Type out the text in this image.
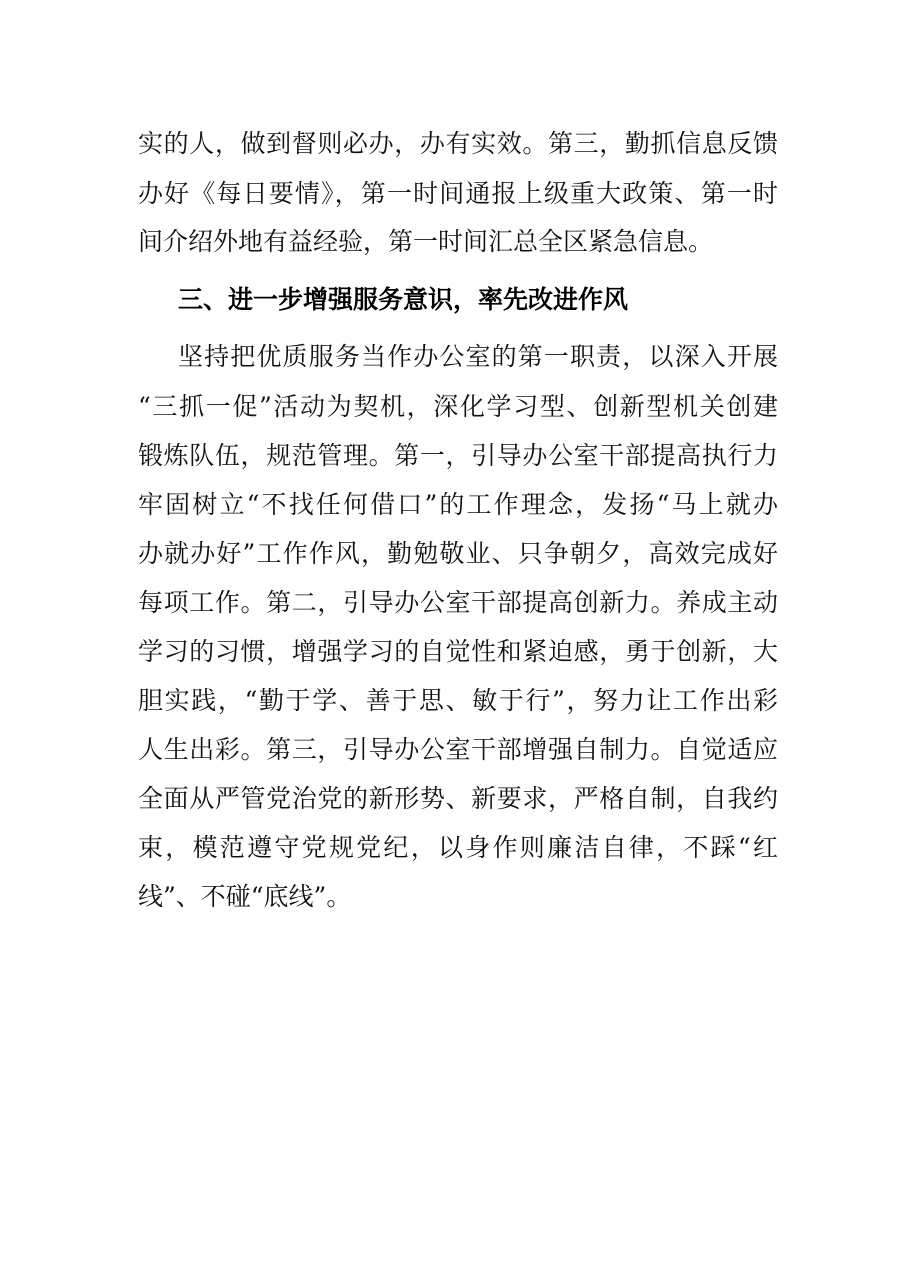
实的人，做到督则必办，办有实效。第三，勤抓信息反馈
办好《每日要情》，第一时间通报上级重大政策、第一时
间介绍外地有益经验，第一时间汇总全区紧急信息。
三、进一步增强服务意识，率先改进作风
坚持把优质服务当作办公室的第一职责，以深入开展
“三抓一促”活动为契机，深化学习型、创新型机关创建
锻炼队伍，规范管理。第一，引导办公室干部提高执行力
牢固树立“不找任何借口”的工作理念，发扬“马上就办
办就办好”工作作风，勤勉敬业、只争朝夕，高效完成好
每项工作。第二，引导办公室干部提高创新力。养成主动
学习的习惯，增强学习的自觉性和紧迫感，勇于创新，大
胆实践，“勤于学、善于思、敏于行”，努力让工作出彩
人生出彩。第三，引导办公室干部增强自制力。自觉适应
全面从严管党治党的新形势、新要求，严格自制，自我约
束，模范遵守党规党纪，以身作则廉洁自律，不踩“红
线”、不碰“底线”。
